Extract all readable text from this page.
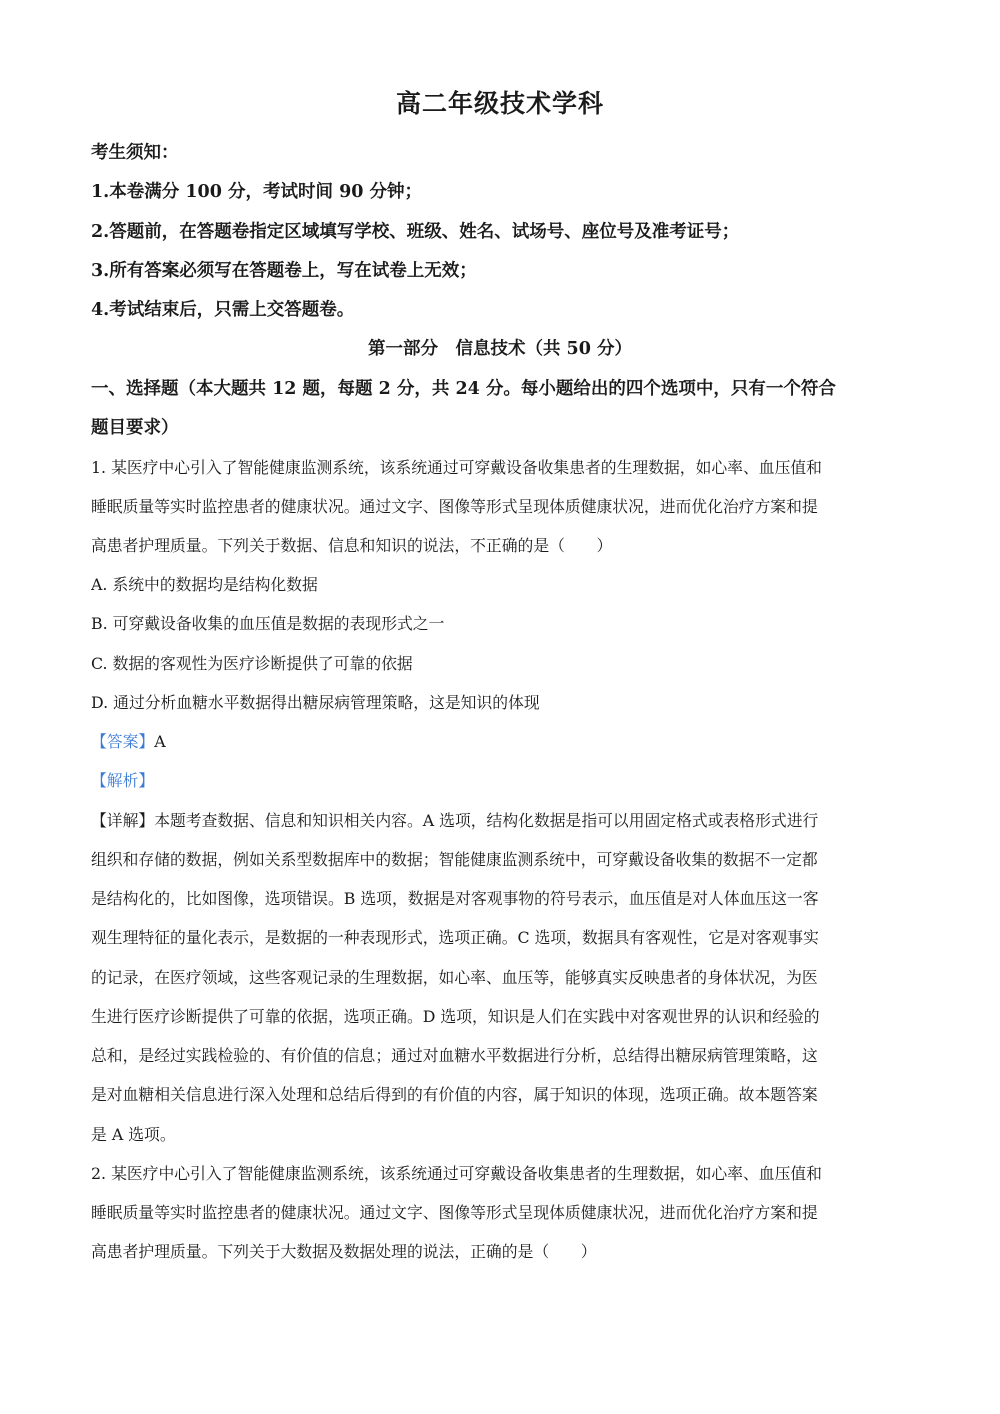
高二年级技术学科
考生须知：
1.本卷满分 100 分，考试时间 90 分钟；
2.答题前，在答题卷指定区域填写学校、班级、姓名、试场号、座位号及准考证号；
3.所有答案必须写在答题卷上，写在试卷上无效；
4.考试结束后，只需上交答题卷。
第一部分　信息技术（共 50 分）
一、选择题（本大题共 12 题，每题 2 分，共 24 分。每小题给出的四个选项中，只有一个符合
题目要求）
1. 某医疗中心引入了智能健康监测系统，该系统通过可穿戴设备收集患者的生理数据，如心率、血压值和
睡眠质量等实时监控患者的健康状况。通过文字、图像等形式呈现体质健康状况，进而优化治疗方案和提
高患者护理质量。下列关于数据、信息和知识的说法，不正确的是（　　）
A. 系统中的数据均是结构化数据
B. 可穿戴设备收集的血压值是数据的表现形式之一
C. 数据的客观性为医疗诊断提供了可靠的依据
D. 通过分析血糖水平数据得出糖尿病管理策略，这是知识的体现
【答案】A
【解析】
【详解】本题考查数据、信息和知识相关内容。A 选项，结构化数据是指可以用固定格式或表格形式进行
组织和存储的数据，例如关系型数据库中的数据；智能健康监测系统中，可穿戴设备收集的数据不一定都
是结构化的，比如图像，选项错误。B 选项，数据是对客观事物的符号表示，血压值是对人体血压这一客
观生理特征的量化表示，是数据的一种表现形式，选项正确。C 选项，数据具有客观性，它是对客观事实
的记录，在医疗领域，这些客观记录的生理数据，如心率、血压等，能够真实反映患者的身体状况，为医
生进行医疗诊断提供了可靠的依据，选项正确。D 选项，知识是人们在实践中对客观世界的认识和经验的
总和，是经过实践检验的、有价值的信息；通过对血糖水平数据进行分析，总结得出糖尿病管理策略，这
是对血糖相关信息进行深入处理和总结后得到的有价值的内容，属于知识的体现，选项正确。故本题答案
是 A 选项。
2. 某医疗中心引入了智能健康监测系统，该系统通过可穿戴设备收集患者的生理数据，如心率、血压值和
睡眠质量等实时监控患者的健康状况。通过文字、图像等形式呈现体质健康状况，进而优化治疗方案和提
高患者护理质量。下列关于大数据及数据处理的说法，正确的是（　　）
